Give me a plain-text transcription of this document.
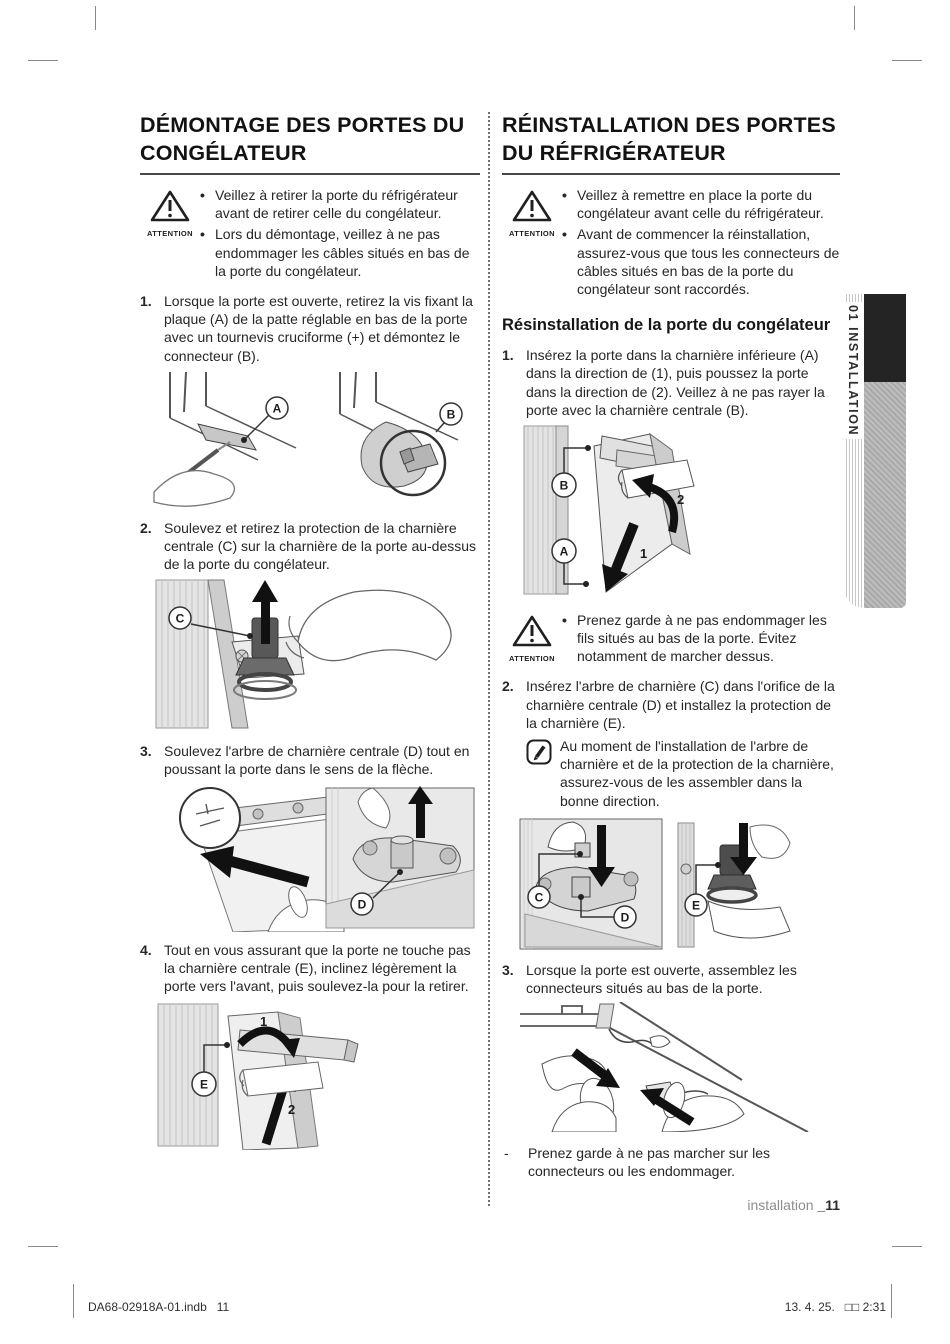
DÉMONTAGE DES PORTES DU CONGÉLATEUR
ATTENTION
• Veillez à retirer la porte du réfrigérateur avant de retirer celle du congélateur.
• Lors du démontage, veillez à ne pas endommager les câbles situés en bas de la porte du congélateur.
1. Lorsque la porte est ouverte, retirez la vis fixant la plaque (A) de la patte réglable en bas de la porte avec un tournevis cruciforme (+) et démontez le connecteur (B).
A	B
2. Soulevez et retirez la protection de la charnière centrale (C) sur la charnière de la porte au-dessus de la porte du congélateur.
C
3. Soulevez l'arbre de charnière centrale (D) tout en poussant la porte dans le sens de la flèche.
D
4. Tout en vous assurant que la porte ne touche pas la charnière centrale (E), inclinez légèrement la porte vers l'avant, puis soulevez-la pour la retirer.
1
2
E
RÉINSTALLATION DES PORTES DU RÉFRIGÉRATEUR
ATTENTION
• Veillez à remettre en place la porte du congélateur avant celle du réfrigérateur.
• Avant de commencer la réinstallation, assurez-vous que tous les connecteurs de câbles situés en bas de la porte du congélateur sont raccordés.
Résinstallation de la porte du congélateur
1. Insérez la porte dans la charnière inférieure (A) dans la direction de (1), puis poussez la porte dans la direction de (2). Veillez à ne pas rayer la porte avec la charnière centrale (B).
1
2
B
A
ATTENTION
• Prenez garde à ne pas endommager les fils situés au bas de la porte. Évitez notamment de marcher dessus.
2. Insérez l'arbre de charnière (C) dans l'orifice de la charnière centrale (D) et installez la protection de la charnière (E).
Au moment de l'installation de l'arbre de charnière et de la protection de la charnière, assurez-vous de les assembler dans la bonne direction.
C
D
E
3. Lorsque la porte est ouverte, assemblez les connecteurs situés au bas de la porte.
-	Prenez garde à ne pas marcher sur les connecteurs ou les endommager.
installation _11
01 INSTALLATION
DA68-02918A-01.indb   11	13. 4. 25.   □□ 2:31
